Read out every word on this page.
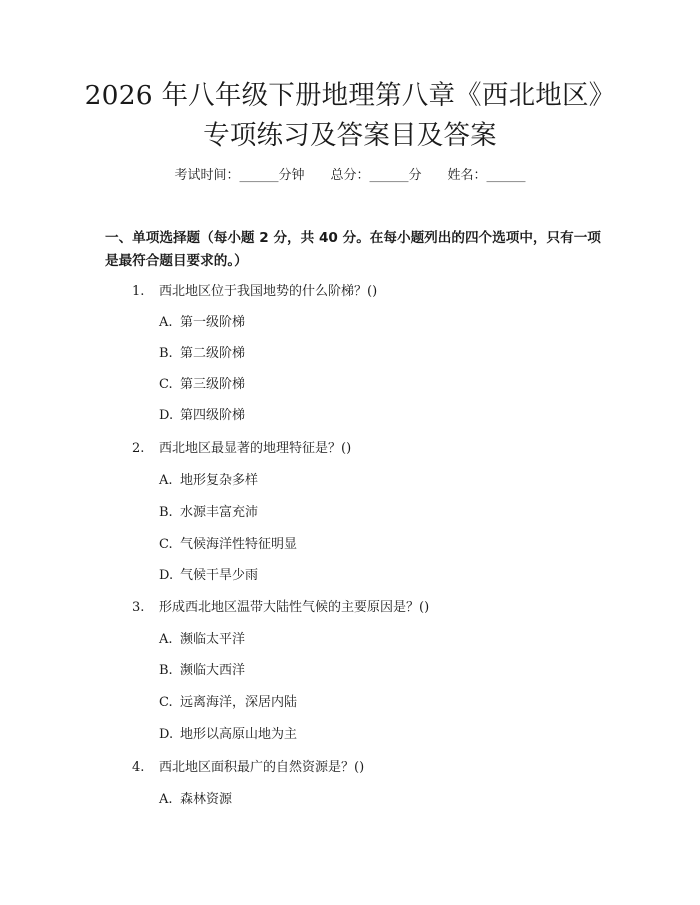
2026 年八年级下册地理第八章《西北地区》
专项练习及答案目及答案
考试时间：______分钟 总分：______分 姓名：______
一、单项选择题（每小题 2 分，共 40 分。在每小题列出的四个选项中，只有一项是最符合题目要求的。）
1. 西北地区位于我国地势的什么阶梯？()
A. 第一级阶梯
B. 第二级阶梯
C. 第三级阶梯
D. 第四级阶梯
2. 西北地区最显著的地理特征是？()
A. 地形复杂多样
B. 水源丰富充沛
C. 气候海洋性特征明显
D. 气候干旱少雨
3. 形成西北地区温带大陆性气候的主要原因是？()
A. 濒临太平洋
B. 濒临大西洋
C. 远离海洋，深居内陆
D. 地形以高原山地为主
4. 西北地区面积最广的自然资源是？()
A. 森林资源
